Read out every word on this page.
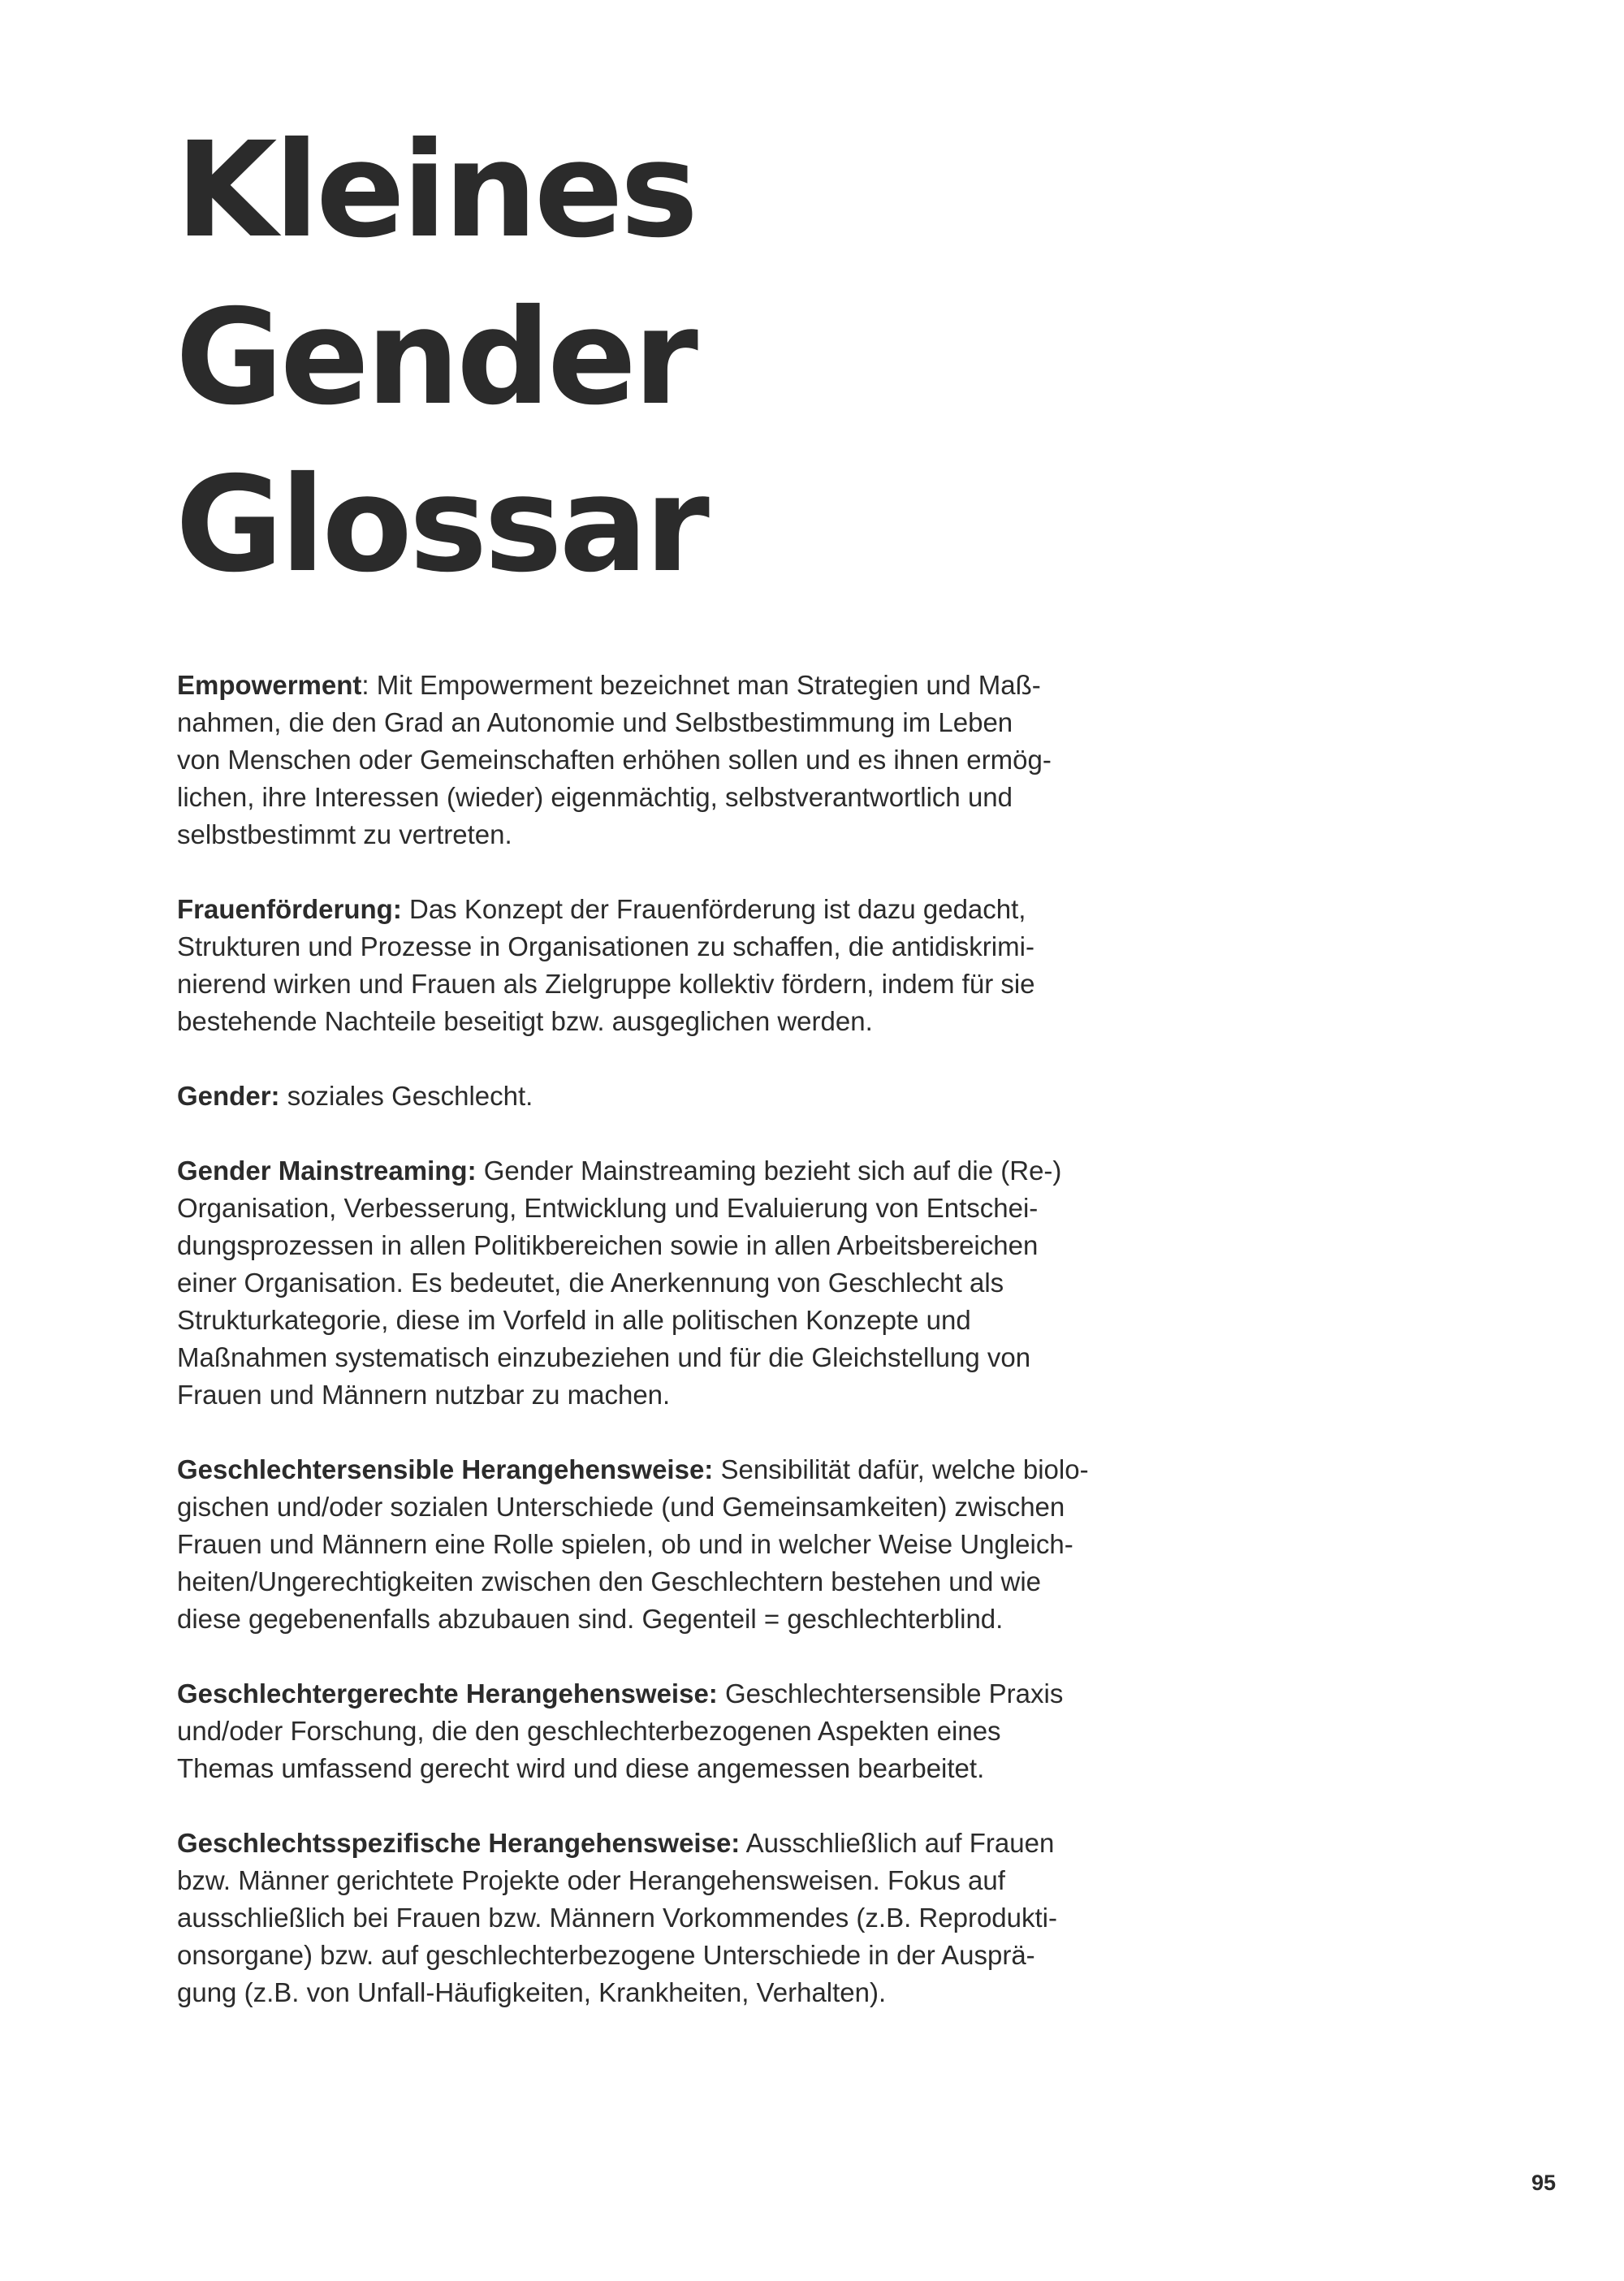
Kleines
Gender
Glossar

Empowerment: Mit Empowerment bezeichnet man Strategien und Maß-
nahmen, die den Grad an Autonomie und Selbstbestimmung im Leben
von Menschen oder Gemeinschaften erhöhen sollen und es ihnen ermög-
lichen, ihre Interessen (wieder) eigenmächtig, selbstverantwortlich und
selbstbestimmt zu vertreten.

Frauenförderung: Das Konzept der Frauenförderung ist dazu gedacht,
Strukturen und Prozesse in Organisationen zu schaffen, die antidiskrimi-
nierend wirken und Frauen als Zielgruppe kollektiv fördern, indem für sie
bestehende Nachteile beseitigt bzw. ausgeglichen werden.

Gender: soziales Geschlecht.

Gender Mainstreaming: Gender Mainstreaming bezieht sich auf die (Re-)
Organisation, Verbesserung, Entwicklung und Evaluierung von Entschei-
dungsprozessen in allen Politikbereichen sowie in allen Arbeitsbereichen
einer Organisation. Es bedeutet, die Anerkennung von Geschlecht als
Strukturkategorie, diese im Vorfeld in alle politischen Konzepte und
Maßnahmen systematisch einzubeziehen und für die Gleichstellung von
Frauen und Männern nutzbar zu machen.

Geschlechtersensible Herangehensweise: Sensibilität dafür, welche biolo-
gischen und/oder sozialen Unterschiede (und Gemeinsamkeiten) zwischen
Frauen und Männern eine Rolle spielen, ob und in welcher Weise Ungleich-
heiten/Ungerechtigkeiten zwischen den Geschlechtern bestehen und wie
diese gegebenenfalls abzubauen sind. Gegenteil = geschlechterblind.

Geschlechtergerechte Herangehensweise: Geschlechtersensible Praxis
und/oder Forschung, die den geschlechterbezogenen Aspekten eines
Themas umfassend gerecht wird und diese angemessen bearbeitet.

Geschlechtsspezifische Herangehensweise: Ausschließlich auf Frauen
bzw. Männer gerichtete Projekte oder Herangehensweisen. Fokus auf
ausschließlich bei Frauen bzw. Männern Vorkommendes (z.B. Reprodukti-
onsorgane) bzw. auf geschlechterbezogene Unterschiede in der Ausprä-
gung (z.B. von Unfall-Häufigkeiten, Krankheiten, Verhalten).

95
